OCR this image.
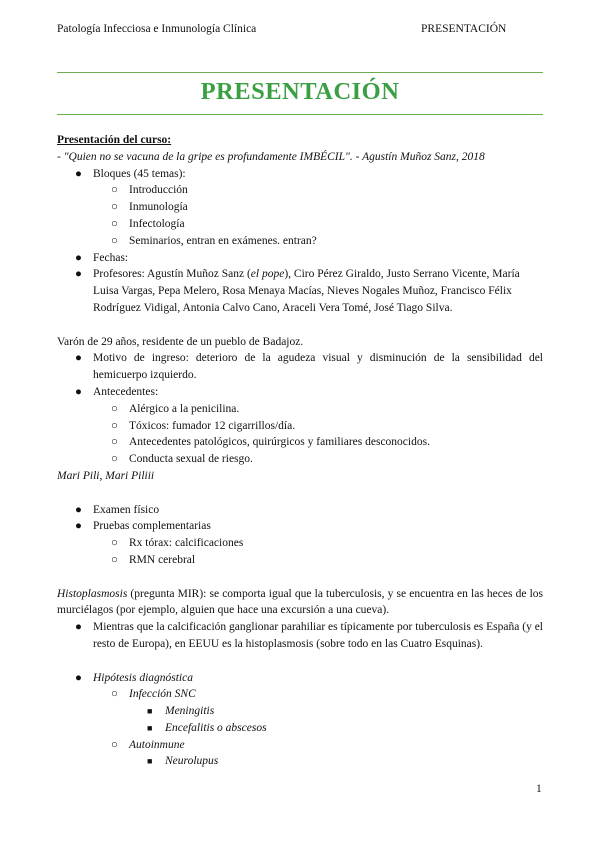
Patología Infecciosa e Inmunología Clínica	PRESENTACIÓN
PRESENTACIÓN

Presentación del curso:

- "Quien no se vacuna de la gripe es profundamente IMBÉCIL". - Agustín Muñoz Sanz, 2018

● Bloques (45 temas):
○ Introducción
○ Inmunología
○ Infectología
○ Seminarios, entran en exámenes. entran?
● Fechas:
● Profesores: Agustín Muñoz Sanz (el pope), Ciro Pérez Giraldo, Justo Serrano Vicente, María Luisa Vargas, Pepa Melero, Rosa Menaya Macías, Nieves Nogales Muñoz, Francisco Félix Rodríguez Vidigal, Antonia Calvo Cano, Araceli Vera Tomé, José Tiago Silva.

Varón de 29 años, residente de un pueblo de Badajoz.

● Motivo de ingreso: deterioro de la agudeza visual y disminución de la sensibilidad del hemicuerpo izquierdo.
● Antecedentes:
○ Alérgico a la penicilina.
○ Tóxicos: fumador 12 cigarrillos/día.
○ Antecedentes patológicos, quirúrgicos y familiares desconocidos.
○ Conducta sexual de riesgo.

Mari Pili, Mari Piliii

● Examen físico
● Pruebas complementarias
○ Rx tórax: calcificaciones
○ RMN cerebral

Histoplasmosis (pregunta MIR): se comporta igual que la tuberculosis, y se encuentra en las heces de los murciélagos (por ejemplo, alguien que hace una excursión a una cueva).

● Mientras que la calcificación ganglionar parahiliar es típicamente por tuberculosis es España (y el resto de Europa), en EEUU es la histoplasmosis (sobre todo en las Cuatro Esquinas).
● Hipótesis diagnóstica
○ Infección SNC
■ Meningitis
■ Encefalitis o abscesos
○ Autoinmune
■ Neurolupus
1
